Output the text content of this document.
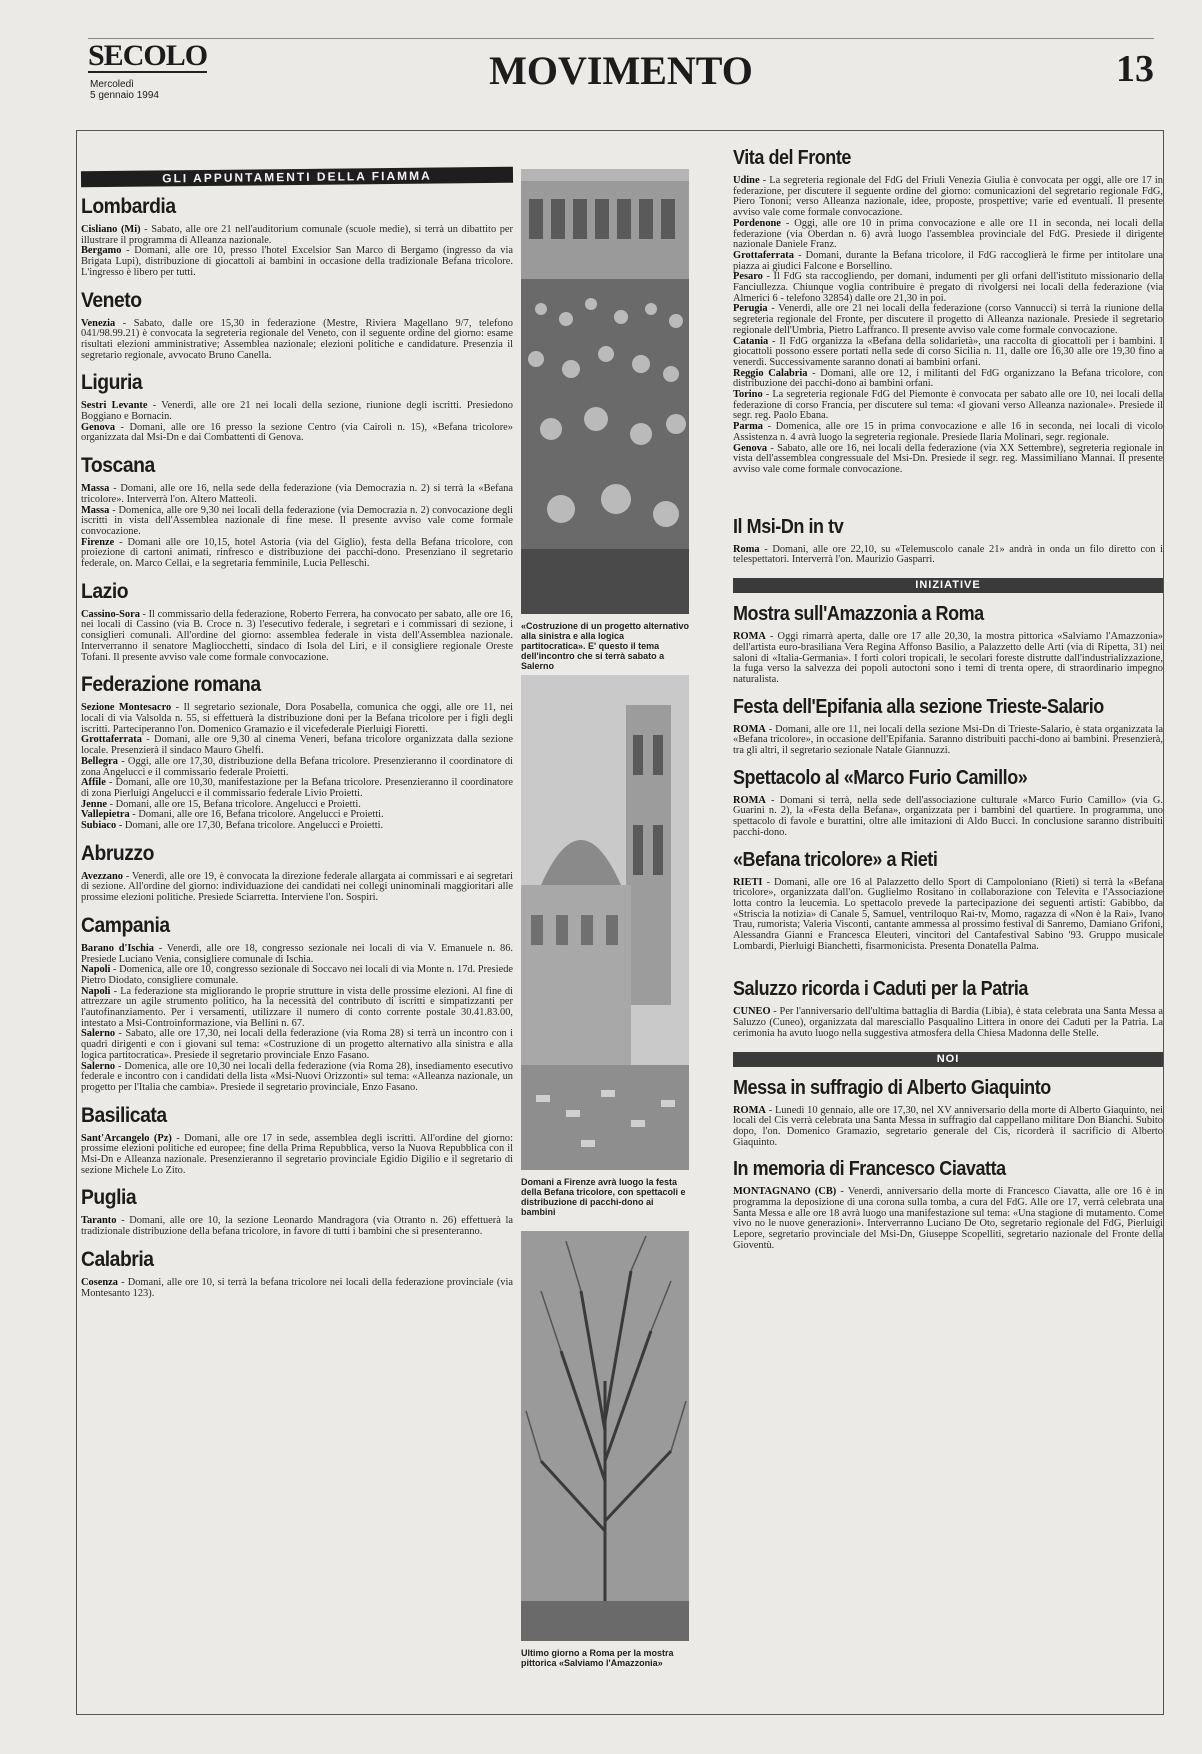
SECOLO
Mercoledì
5 gennaio 1994
MOVIMENTO	13
GLI APPUNTAMENTI DELLA FIAMMA
Lombardia

Cisliano (Mi) - Sabato, alle ore 21 nell'auditorium comunale (scuole medie), si terrà un dibattito per illustrare il programma di Alleanza nazionale.

Bergamo - Domani, alle ore 10, presso l'hotel Excelsior San Marco di Bergamo (ingresso da via Brigata Lupi), distribuzione di giocattoli ai bambini in occasione della tradizionale Befana tricolore. L'ingresso è libero per tutti.

Veneto

Venezia - Sabato, dalle ore 15,30 in federazione (Mestre, Riviera Magellano 9/7, telefono 041/98.99.21) è convocata la segreteria regionale del Veneto, con il seguente ordine del giorno: esame risultati elezioni amministrative; Assemblea nazionale; elezioni politiche e candidature. Presenzia il segretario regionale, avvocato Bruno Canella.

Liguria

Sestri Levante - Venerdì, alle ore 21 nei locali della sezione, riunione degli iscritti. Presiedono Boggiano e Bornacin.

Genova - Domani, alle ore 16 presso la sezione Centro (via Cairoli n. 15), «Befana tricolore» organizzata dal Msi-Dn e dai Combattenti di Genova.

Toscana

Massa - Domani, alle ore 16, nella sede della federazione (via Democrazia n. 2) si terrà la «Befana tricolore». Interverrà l'on. Altero Matteoli.

Massa - Domenica, alle ore 9,30 nei locali della federazione (via Democrazia n. 2) convocazione degli iscritti in vista dell'Assemblea nazionale di fine mese. Il presente avviso vale come formale convocazione.

Firenze - Domani alle ore 10,15, hotel Astoria (via del Giglio), festa della Befana tricolore, con proiezione di cartoni animati, rinfresco e distribuzione dei pacchi-dono. Presenziano il segretario federale, on. Marco Cellai, e la segretaria femminile, Lucia Pelleschi.

Lazio

Cassino-Sora - Il commissario della federazione, Roberto Ferrera, ha convocato per sabato, alle ore 16, nei locali di Cassino (via B. Croce n. 3) l'esecutivo federale, i segretari e i commissari di sezione, i consiglieri comunali. All'ordine del giorno: assemblea federale in vista dell'Assemblea nazionale. Interverranno il senatore Magliocchetti, sindaco di Isola del Liri, e il consigliere regionale Oreste Tofani. Il presente avviso vale come formale convocazione.

Federazione romana

Sezione Montesacro - Il segretario sezionale, Dora Posabella, comunica che oggi, alle ore 11, nei locali di via Valsolda n. 55, si effettuerà la distribuzione doni per la Befana tricolore per i figli degli iscritti. Parteciperanno l'on. Domenico Gramazio e il vicefederale Pierluigi Fioretti.

Grottaferrata - Domani, alle ore 9,30 al cinema Veneri, befana tricolore organizzata dalla sezione locale. Presenzierà il sindaco Mauro Ghelfi.

Bellegra - Oggi, alle ore 17,30, distribuzione della Befana tricolore. Presenzieranno il coordinatore di zona Angelucci e il commissario federale Proietti.

Affile - Domani, alle ore 10,30, manifestazione per la Befana tricolore. Presenzieranno il coordinatore di zona Pierluigi Angelucci e il commissario federale Livio Proietti.

Jenne - Domani, alle ore 15, Befana tricolore. Angelucci e Proietti.

Vallepietra - Domani, alle ore 16, Befana tricolore. Angelucci e Proietti.

Subiaco - Domani, alle ore 17,30, Befana tricolore. Angelucci e Proietti.

Abruzzo

Avezzano - Venerdì, alle ore 19, è convocata la direzione federale allargata ai commissari e ai segretari di sezione. All'ordine del giorno: individuazione dei candidati nei collegi uninominali maggioritari alle prossime elezioni politiche. Presiede Sciarretta. Interviene l'on. Sospiri.

Campania

Barano d'Ischia - Venerdì, alle ore 18, congresso sezionale nei locali di via V. Emanuele n. 86. Presiede Luciano Venia, consigliere comunale di Ischia.

Napoli - Domenica, alle ore 10, congresso sezionale di Soccavo nei locali di via Monte n. 17d. Presiede Pietro Diodato, consigliere comunale.

Napoli - La federazione sta migliorando le proprie strutture in vista delle prossime elezioni. Al fine di attrezzare un agile strumento politico, ha la necessità del contributo di iscritti e simpatizzanti per l'autofinanziamento. Per i versamenti, utilizzare il numero di conto corrente postale 30.41.83.00, intestato a Msi-Controinformazione, via Bellini n. 67.

Salerno - Sabato, alle ore 17,30, nei locali della federazione (via Roma 28) si terrà un incontro con i quadri dirigenti e con i giovani sul tema: «Costruzione di un progetto alternativo alla sinistra e alla logica partitocratica». Presiede il segretario provinciale Enzo Fasano.

Salerno - Domenica, alle ore 10,30 nei locali della federazione (via Roma 28), insediamento esecutivo federale e incontro con i candidati della lista «Msi-Nuovi Orizzonti» sul tema: «Alleanza nazionale, un progetto per l'Italia che cambia». Presiede il segretario provinciale, Enzo Fasano.

Basilicata

Sant'Arcangelo (Pz) - Domani, alle ore 17 in sede, assemblea degli iscritti. All'ordine del giorno: prossime elezioni politiche ed europee; fine della Prima Repubblica, verso la Nuova Repubblica con il Msi-Dn e Alleanza nazionale. Presenzieranno il segretario provinciale Egidio Digilio e il segretario di sezione Michele Lo Zito.

Puglia

Taranto - Domani, alle ore 10, la sezione Leonardo Mandragora (via Otranto n. 26) effettuerà la tradizionale distribuzione della befana tricolore, in favore di tutti i bambini che si presenteranno.

Calabria

Cosenza - Domani, alle ore 10, si terrà la befana tricolore nei locali della federazione provinciale (via Montesanto 123).

«Costruzione di un progetto alternativo alla sinistra e alla logica partitocratica». E' questo il tema dell'incontro che si terrà sabato a Salerno
Domani a Firenze avrà luogo la festa della Befana tricolore, con spettacoli e distribuzione di pacchi-dono ai bambini
Ultimo giorno a Roma per la mostra pittorica «Salviamo l'Amazzonia»
Vita del Fronte

Udine - La segreteria regionale del FdG del Friuli Venezia Giulia è convocata per oggi, alle ore 17 in federazione, per discutere il seguente ordine del giorno: comunicazioni del segretario regionale FdG, Piero Tononi; verso Alleanza nazionale, idee, proposte, prospettive; varie ed eventuali. Il presente avviso vale come formale convocazione.

Pordenone - Oggi, alle ore 10 in prima convocazione e alle ore 11 in seconda, nei locali della federazione (via Oberdan n. 6) avrà luogo l'assemblea provinciale del FdG. Presiede il dirigente nazionale Daniele Franz.

Grottaferrata - Domani, durante la Befana tricolore, il FdG raccoglierà le firme per intitolare una piazza ai giudici Falcone e Borsellino.

Pesaro - Il FdG sta raccogliendo, per domani, indumenti per gli orfani dell'istituto missionario della Fanciullezza. Chiunque voglia contribuire è pregato di rivolgersi nei locali della federazione (via Almerici 6 - telefono 32854) dalle ore 21,30 in poi.

Perugia - Venerdì, alle ore 21 nei locali della federazione (corso Vannucci) si terrà la riunione della segreteria regionale del Fronte, per discutere il progetto di Alleanza nazionale. Presiede il segretario regionale dell'Umbria, Pietro Laffranco. Il presente avviso vale come formale convocazione.

Catania - Il FdG organizza la «Befana della solidarietà», una raccolta di giocattoli per i bambini. I giocattoli possono essere portati nella sede di corso Sicilia n. 11, dalle ore 16,30 alle ore 19,30 fino a venerdì. Successivamente saranno donati ai bambini orfani.

Reggio Calabria - Domani, alle ore 12, i militanti del FdG organizzano la Befana tricolore, con distribuzione dei pacchi-dono ai bambini orfani.

Torino - La segreteria regionale FdG del Piemonte è convocata per sabato alle ore 10, nei locali della federazione di corso Francia, per discutere sul tema: «I giovani verso Alleanza nazionale». Presiede il segr. reg. Paolo Ebana.

Parma - Domenica, alle ore 15 in prima convocazione e alle 16 in seconda, nei locali di vicolo Assistenza n. 4 avrà luogo la segreteria regionale. Presiede Ilaria Molinari, segr. regionale.

Genova - Sabato, alle ore 16, nei locali della federazione (via XX Settembre), segreteria regionale in vista dell'assemblea congressuale del Msi-Dn. Presiede il segr. reg. Massimiliano Mannai. Il presente avviso vale come formale convocazione.

Il Msi-Dn in tv

Roma - Domani, alle ore 22,10, su «Telemuscolo canale 21» andrà in onda un filo diretto con i telespettatori. Interverrà l'on. Maurizio Gasparri.

INIZIATIVE
Mostra sull'Amazzonia a Roma

ROMA - Oggi rimarrà aperta, dalle ore 17 alle 20,30, la mostra pittorica «Salviamo l'Amazzonia» dell'artista euro-brasiliana Vera Regina Affonso Basilio, a Palazzetto delle Arti (via di Ripetta, 31) nei saloni di «Italia-Germania». I forti colori tropicali, le secolari foreste distrutte dall'industrializzazione, la fuga verso la salvezza dei popoli autoctoni sono i temi di trenta opere, di straordinario impegno naturalista.

Festa dell'Epifania alla sezione Trieste-Salario

ROMA - Domani, alle ore 11, nei locali della sezione Msi-Dn di Trieste-Salario, è stata organizzata la «Befana tricolore», in occasione dell'Epifania. Saranno distribuiti pacchi-dono ai bambini. Presenzierà, tra gli altri, il segretario sezionale Natale Giannuzzi.

Spettacolo al «Marco Furio Camillo»

ROMA - Domani si terrà, nella sede dell'associazione culturale «Marco Furio Camillo» (via G. Guarini n. 2), la «Festa della Befana», organizzata per i bambini del quartiere. In programma, uno spettacolo di favole e burattini, oltre alle imitazioni di Aldo Bucci. In conclusione saranno distribuiti pacchi-dono.

«Befana tricolore» a Rieti

RIETI - Domani, alle ore 16 al Palazzetto dello Sport di Campoloniano (Rieti) si terrà la «Befana tricolore», organizzata dall'on. Guglielmo Rositano in collaborazione con Televita e l'Associazione lotta contro la leucemia. Lo spettacolo prevede la partecipazione dei seguenti artisti: Gabibbo, da «Striscia la notizia» di Canale 5, Samuel, ventriloquo Rai-tv, Momo, ragazza di «Non è la Rai», Ivano Trau, rumorista; Valeria Visconti, cantante ammessa al prossimo festival di Sanremo, Damiano Grifoni, Alessandra Gianni e Francesca Eleuteri, vincitori del Cantafestival Sabino '93. Gruppo musicale Lombardi, Pierluigi Bianchetti, fisarmonicista. Presenta Donatella Palma.

Saluzzo ricorda i Caduti per la Patria

CUNEO - Per l'anniversario dell'ultima battaglia di Bardia (Libia), è stata celebrata una Santa Messa a Saluzzo (Cuneo), organizzata dal maresciallo Pasqualino Littera in onore dei Caduti per la Patria. La cerimonia ha avuto luogo nella suggestiva atmosfera della Chiesa Madonna delle Stelle.

NOI
Messa in suffragio di Alberto Giaquinto

ROMA - Lunedì 10 gennaio, alle ore 17,30, nel XV anniversario della morte di Alberto Giaquinto, nei locali del Cis verrà celebrata una Santa Messa in suffragio dal cappellano militare Don Bianchi. Subito dopo, l'on. Domenico Gramazio, segretario generale del Cis, ricorderà il sacrificio di Alberto Giaquinto.

In memoria di Francesco Ciavatta

MONTAGNANO (CB) - Venerdì, anniversario della morte di Francesco Ciavatta, alle ore 16 è in programma la deposizione di una corona sulla tomba, a cura del FdG. Alle ore 17, verrà celebrata una Santa Messa e alle ore 18 avrà luogo una manifestazione sul tema: «Una stagione di mutamento. Come vivo no le nuove generazioni». Interverranno Luciano De Oto, segretario regionale del FdG, Pierluigi Lepore, segretario provinciale del Msi-Dn, Giuseppe Scopelliti, segretario nazionale del Fronte della Gioventù.
